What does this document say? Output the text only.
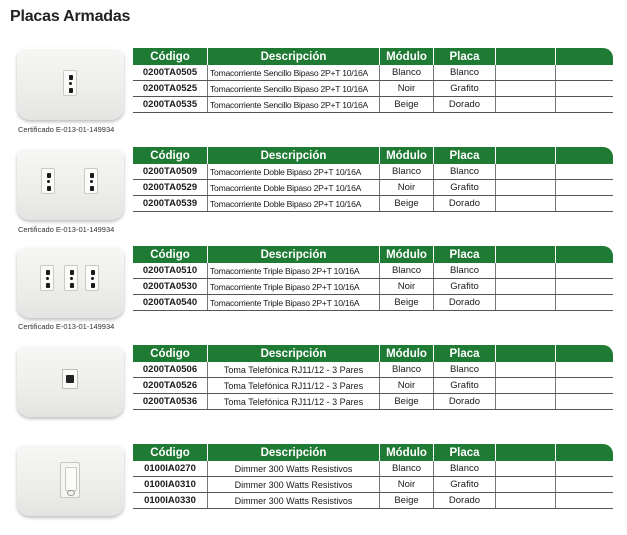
Placas Armadas
Certificado E-013-01-149934
Código	Descripción	Módulo	Placa
0200TA0505	Tomacorriente Sencillo Bipaso 2P+T 10/16A	Blanco	Blanco
0200TA0525	Tomacorriente Sencillo Bipaso 2P+T 10/16A	Noir	Grafito
0200TA0535	Tomacorriente Sencillo Bipaso 2P+T 10/16A	Beige	Dorado
Certificado E-013-01-149934
Código	Descripción	Módulo	Placa
0200TA0509	Tomacorriente Doble Bipaso 2P+T 10/16A	Blanco	Blanco
0200TA0529	Tomacorriente Doble Bipaso 2P+T 10/16A	Noir	Grafito
0200TA0539	Tomacorriente Doble Bipaso 2P+T 10/16A	Beige	Dorado
Certificado E-013-01-149934
Código	Descripción	Módulo	Placa
0200TA0510	Tomacorriente Triple Bipaso 2P+T 10/16A	Blanco	Blanco
0200TA0530	Tomacorriente Triple Bipaso 2P+T 10/16A	Noir	Grafito
0200TA0540	Tomacorriente Triple Bipaso 2P+T 10/16A	Beige	Dorado
Código	Descripción	Módulo	Placa
0200TA0506	Toma Telefónica RJ11/12 - 3 Pares	Blanco	Blanco
0200TA0526	Toma Telefónica RJ11/12 - 3 Pares	Noir	Grafito
0200TA0536	Toma Telefónica RJ11/12 - 3 Pares	Beige	Dorado
Código	Descripción	Módulo	Placa
0100IA0270	Dimmer 300 Watts Resistivos	Blanco	Blanco
0100IA0310	Dimmer 300 Watts Resistivos	Noir	Grafito
0100IA0330	Dimmer 300 Watts Resistivos	Beige	Dorado
